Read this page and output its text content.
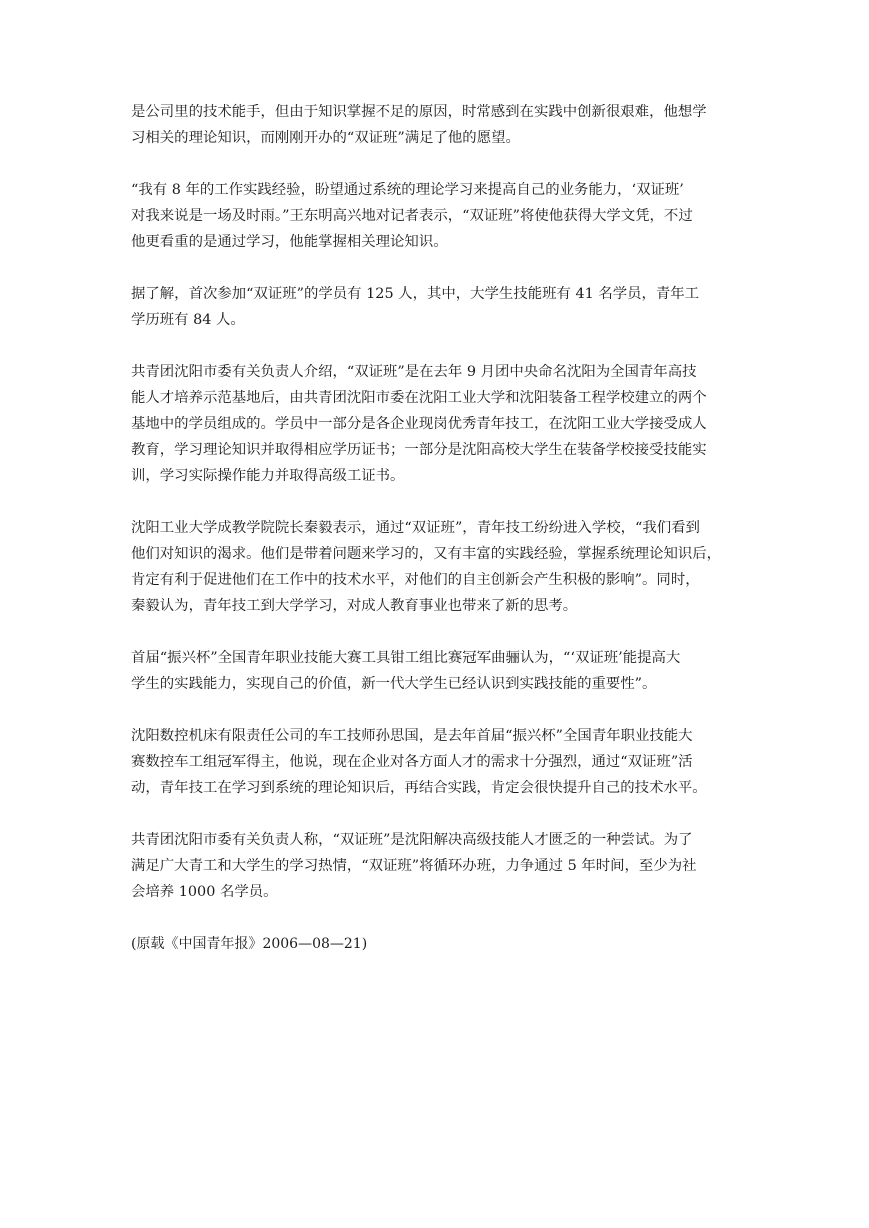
是公司里的技术能手，但由于知识掌握不足的原因，时常感到在实践中创新很艰难，他想学
习相关的理论知识，而刚刚开办的“双证班”满足了他的愿望。

“我有 8 年的工作实践经验，盼望通过系统的理论学习来提高自己的业务能力，‘双证班’
对我来说是一场及时雨。”王东明高兴地对记者表示，“双证班”将使他获得大学文凭，不过
他更看重的是通过学习，他能掌握相关理论知识。

据了解，首次参加“双证班”的学员有 125 人，其中，大学生技能班有 41 名学员，青年工
学历班有 84 人。

共青团沈阳市委有关负责人介绍，“双证班”是在去年 9 月团中央命名沈阳为全国青年高技
能人才培养示范基地后，由共青团沈阳市委在沈阳工业大学和沈阳装备工程学校建立的两个
基地中的学员组成的。学员中一部分是各企业现岗优秀青年技工，在沈阳工业大学接受成人
教育，学习理论知识并取得相应学历证书；一部分是沈阳高校大学生在装备学校接受技能实
训，学习实际操作能力并取得高级工证书。

沈阳工业大学成教学院院长秦毅表示，通过“双证班”，青年技工纷纷进入学校，“我们看到
他们对知识的渴求。他们是带着问题来学习的，又有丰富的实践经验，掌握系统理论知识后，
肯定有利于促进他们在工作中的技术水平，对他们的自主创新会产生积极的影响”。同时，
秦毅认为，青年技工到大学学习，对成人教育事业也带来了新的思考。

首届“振兴杯”全国青年职业技能大赛工具钳工组比赛冠军曲骊认为，“‘双证班’能提高大
学生的实践能力，实现自己的价值，新一代大学生已经认识到实践技能的重要性”。

沈阳数控机床有限责任公司的车工技师孙思国，是去年首届“振兴杯”全国青年职业技能大
赛数控车工组冠军得主，他说，现在企业对各方面人才的需求十分强烈，通过“双证班”活
动，青年技工在学习到系统的理论知识后，再结合实践，肯定会很快提升自己的技术水平。

共青团沈阳市委有关负责人称，“双证班”是沈阳解决高级技能人才匮乏的一种尝试。为了
满足广大青工和大学生的学习热情，“双证班”将循环办班，力争通过 5 年时间，至少为社
会培养 1000 名学员。

(原载《中国青年报》2006—08—21)
